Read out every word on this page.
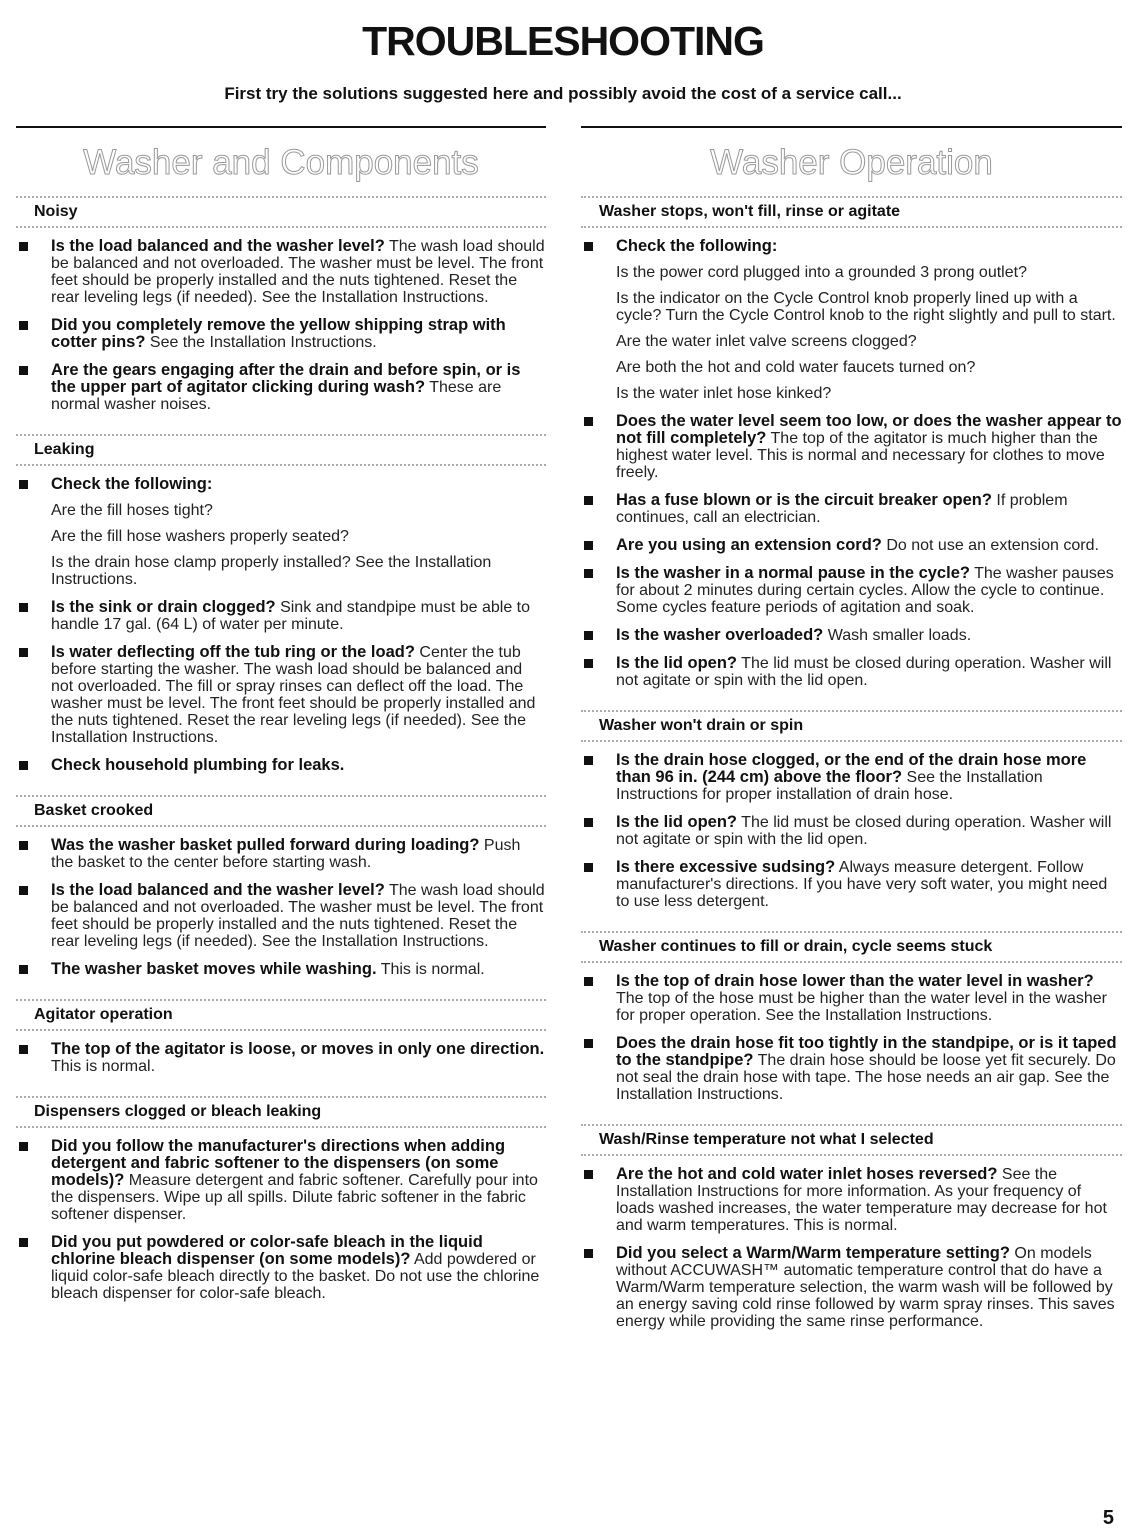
TROUBLESHOOTING
First try the solutions suggested here and possibly avoid the cost of a service call...
Washer and Components
Noisy
Is the load balanced and the washer level? The wash load should be balanced and not overloaded. The washer must be level. The front feet should be properly installed and the nuts tightened. Reset the rear leveling legs (if needed). See the Installation Instructions.
Did you completely remove the yellow shipping strap with cotter pins? See the Installation Instructions.
Are the gears engaging after the drain and before spin, or is the upper part of agitator clicking during wash? These are normal washer noises.
Leaking
Check the following:
Are the fill hoses tight?
Are the fill hose washers properly seated?
Is the drain hose clamp properly installed? See the Installation Instructions.
Is the sink or drain clogged? Sink and standpipe must be able to handle 17 gal. (64 L) of water per minute.
Is water deflecting off the tub ring or the load? Center the tub before starting the washer. The wash load should be balanced and not overloaded. The fill or spray rinses can deflect off the load. The washer must be level. The front feet should be properly installed and the nuts tightened. Reset the rear leveling legs (if needed). See the Installation Instructions.
Check household plumbing for leaks.
Basket crooked
Was the washer basket pulled forward during loading? Push the basket to the center before starting wash.
Is the load balanced and the washer level? The wash load should be balanced and not overloaded. The washer must be level. The front feet should be properly installed and the nuts tightened. Reset the rear leveling legs (if needed). See the Installation Instructions.
The washer basket moves while washing. This is normal.
Agitator operation
The top of the agitator is loose, or moves in only one direction. This is normal.
Dispensers clogged or bleach leaking
Did you follow the manufacturer's directions when adding detergent and fabric softener to the dispensers (on some models)? Measure detergent and fabric softener. Carefully pour into the dispensers. Wipe up all spills. Dilute fabric softener in the fabric softener dispenser.
Did you put powdered or color-safe bleach in the liquid chlorine bleach dispenser (on some models)? Add powdered or liquid color-safe bleach directly to the basket. Do not use the chlorine bleach dispenser for color-safe bleach.
Washer Operation
Washer stops, won't fill, rinse or agitate
Check the following:
Is the power cord plugged into a grounded 3 prong outlet?
Is the indicator on the Cycle Control knob properly lined up with a cycle? Turn the Cycle Control knob to the right slightly and pull to start.
Are the water inlet valve screens clogged?
Are both the hot and cold water faucets turned on?
Is the water inlet hose kinked?
Does the water level seem too low, or does the washer appear to not fill completely? The top of the agitator is much higher than the highest water level. This is normal and necessary for clothes to move freely.
Has a fuse blown or is the circuit breaker open? If problem continues, call an electrician.
Are you using an extension cord? Do not use an extension cord.
Is the washer in a normal pause in the cycle? The washer pauses for about 2 minutes during certain cycles. Allow the cycle to continue. Some cycles feature periods of agitation and soak.
Is the washer overloaded? Wash smaller loads.
Is the lid open? The lid must be closed during operation. Washer will not agitate or spin with the lid open.
Washer won't drain or spin
Is the drain hose clogged, or the end of the drain hose more than 96 in. (244 cm) above the floor? See the Installation Instructions for proper installation of drain hose.
Is the lid open? The lid must be closed during operation. Washer will not agitate or spin with the lid open.
Is there excessive sudsing? Always measure detergent. Follow manufacturer's directions. If you have very soft water, you might need to use less detergent.
Washer continues to fill or drain, cycle seems stuck
Is the top of drain hose lower than the water level in washer? The top of the hose must be higher than the water level in the washer for proper operation. See the Installation Instructions.
Does the drain hose fit too tightly in the standpipe, or is it taped to the standpipe? The drain hose should be loose yet fit securely. Do not seal the drain hose with tape. The hose needs an air gap. See the Installation Instructions.
Wash/Rinse temperature not what I selected
Are the hot and cold water inlet hoses reversed? See the Installation Instructions for more information. As your frequency of loads washed increases, the water temperature may decrease for hot and warm temperatures. This is normal.
Did you select a Warm/Warm temperature setting? On models without ACCUWASH™ automatic temperature control that do have a Warm/Warm temperature selection, the warm wash will be followed by an energy saving cold rinse followed by warm spray rinses. This saves energy while providing the same rinse performance.
5
